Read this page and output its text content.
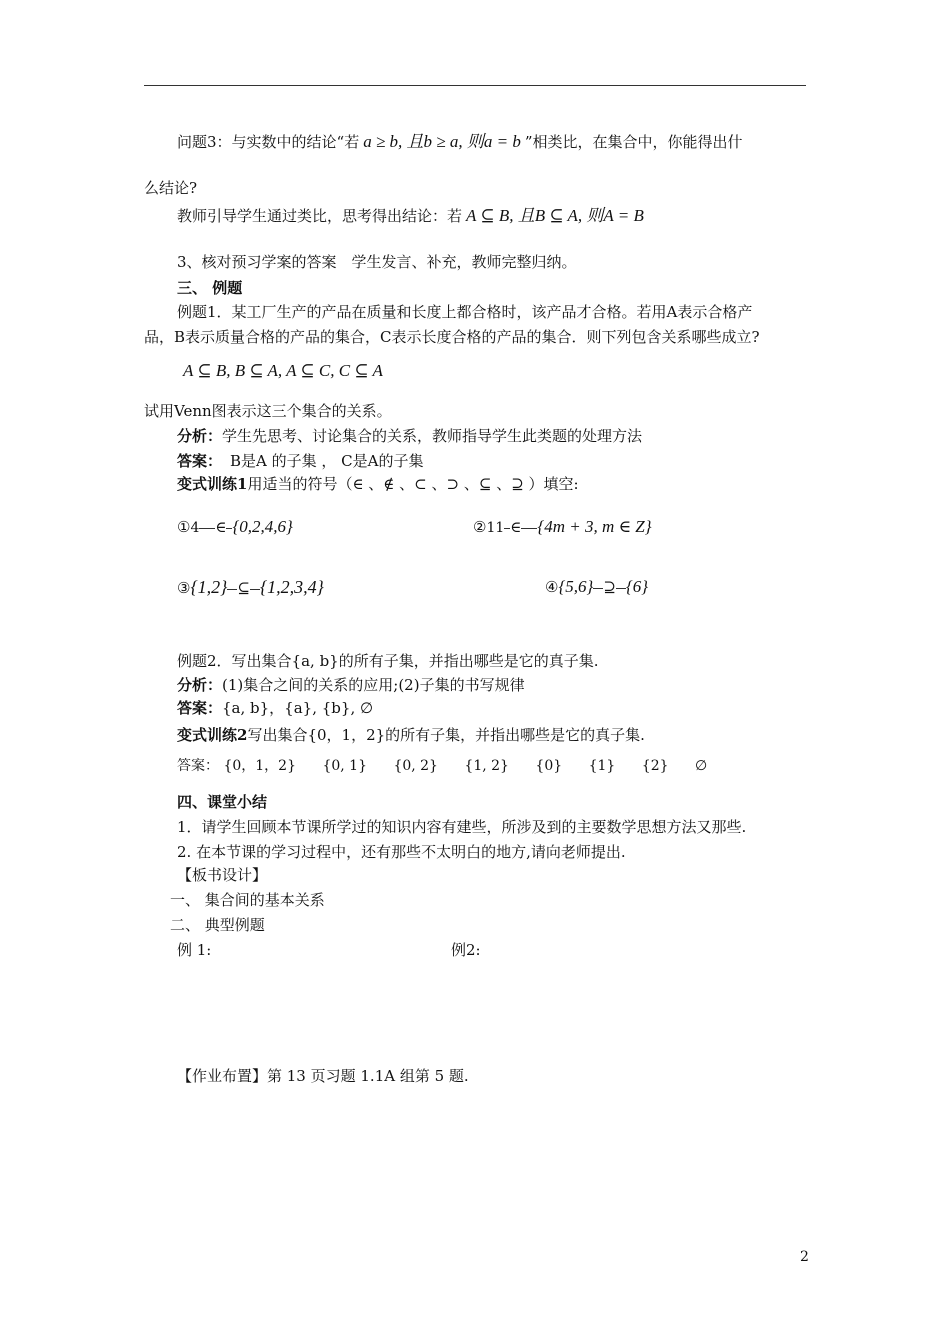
问题3：与实数中的结论“若 a ≥ b, 且b ≥ a, 则a = b ”相类比，在集合中，你能得出什
么结论?
教师引导学生通过类比，思考得出结论：若 A ⊆ B, 且B ⊆ A, 则A = B
3、核对预习学案的答案　学生发言、补充，教师完整归纳。
三、 例题
例题1．某工厂生产的产品在质量和长度上都合格时，该产品才合格。若用A表示合格产
品，B表示质量合格的产品的集合，C表示长度合格的产品的集合．则下列包含关系哪些成立?
A ⊆ B, B ⊆ A, A ⊆ C, C ⊆ A
试用Venn图表示这三个集合的关系。
分析：学生先思考、讨论集合的关系，教师指导学生此类题的处理方法
答案： B是A 的子集 ， C是A的子集
变式训练1用适当的符号（∈ 、∉ 、⊂ 、⊃ 、⊆ 、⊇ ）填空:
①4 ∈ {0,2,4,6}	②11 ∈ {4m + 3, m ∈ Z}
③{1,2} ⊆ {1,2,3,4}	④{5,6} ⊇ {6}
例题2．写出集合{a, b}的所有子集，并指出哪些是它的真子集.
分析：(1)集合之间的关系的应用;(2)子集的书写规律
答案：{a, b}，{a}, {b}, ∅
变式训练2写出集合{0，1，2}的所有子集，并指出哪些是它的真子集.
答案： {0，1，2} {0, 1} {0, 2} {1, 2} {0} {1} {2} ∅
四、课堂小结
1．请学生回顾本节课所学过的知识内容有建些，所涉及到的主要数学思想方法又那些.
2. 在本节课的学习过程中，还有那些不太明白的地方,请向老师提出.
【板书设计】
一、 集合间的基本关系
二、 典型例题
例 1:	例2:
【作业布置】第 13 页习题 1.1A 组第 5 题.
2
